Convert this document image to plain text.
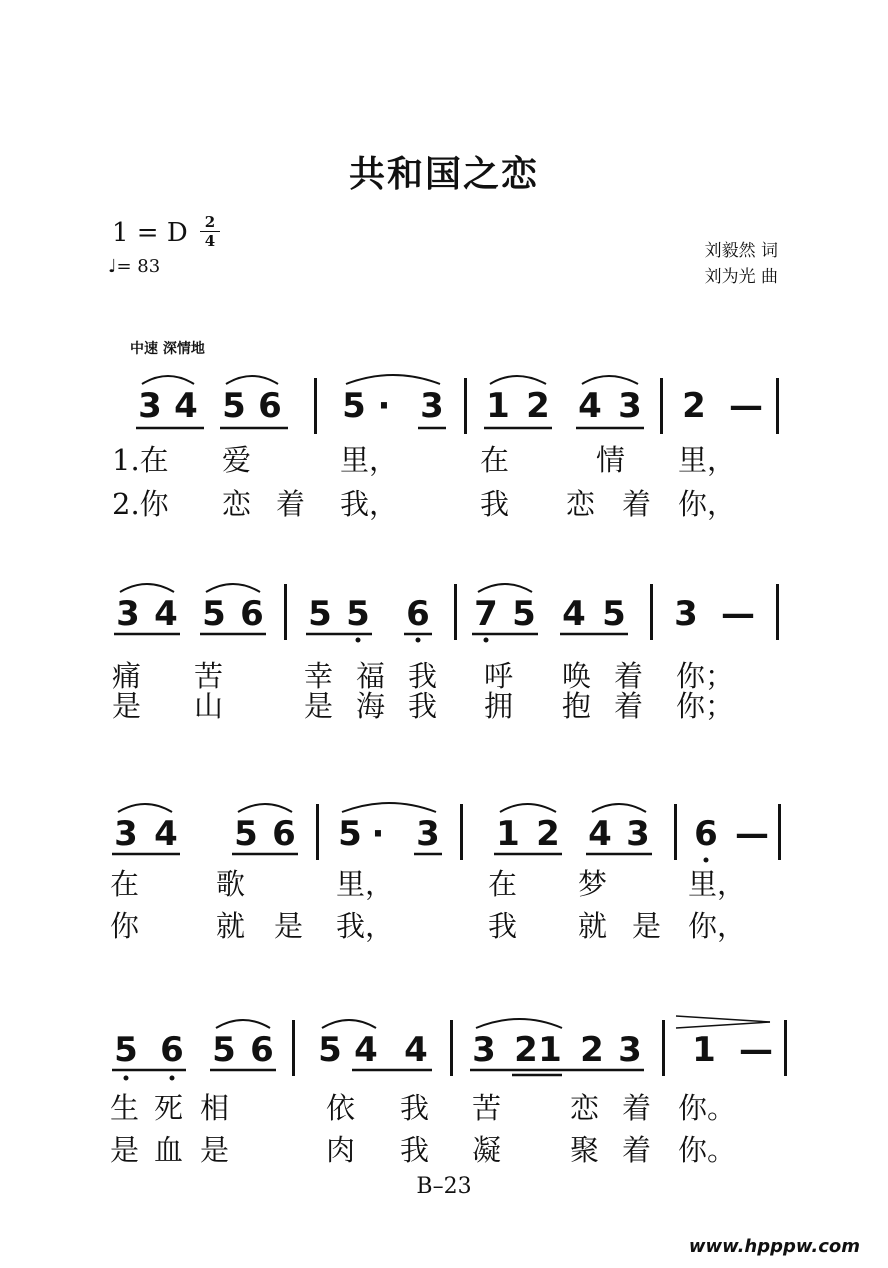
共和国之恋
1 = D	2
4
♩= 83
刘毅然 词
刘为光 曲
中速 深情地
3 4 5 6 5 · 3 1 2 4 3 2 —
1.在 爱	里，	在	情 里，
2.你 恋 着 我，	我 恋 着 你，
3 4 5 6 5 5 6 7 5 4 5 3 —
痛 苦	幸 福 我 呼 唤 着 你；
是 山	是 海 我 拥 抱 着 你；
3 4 5 6 5 · 3 1 2 4 3 6 —
在	歌	里，	在 梦	里，
你	就 是 我，	我 就 是 你，
5 6 5 6 5 4 4 3 2 1 2 3 1 —
生 死 相	依 我 苦 恋 着 你。
是 血 是	肉 我 凝 聚 着 你。
B–23
www.hpppw.com
